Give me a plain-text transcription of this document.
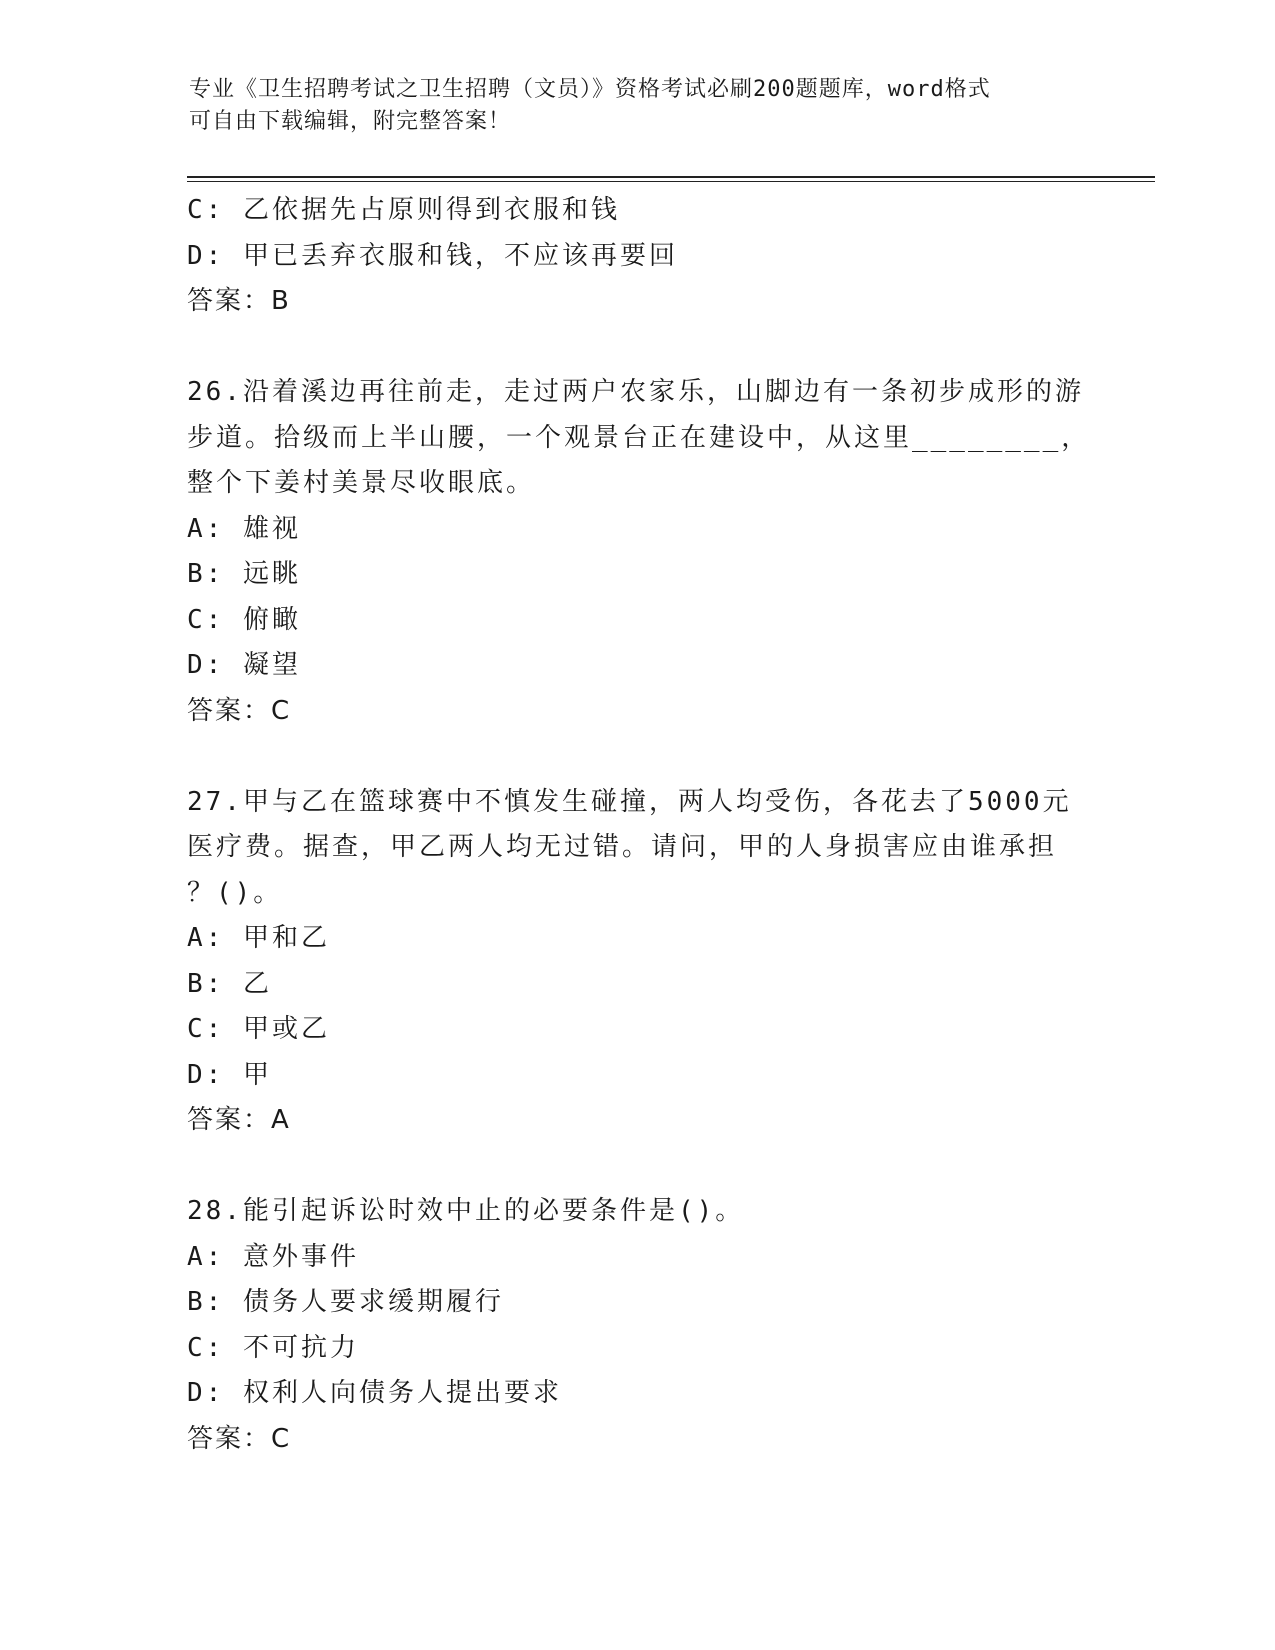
专业《卫生招聘考试之卫生招聘（文员）》资格考试必刷200题题库，word格式
可自由下载编辑，附完整答案！
C: 乙依据先占原则得到衣服和钱
D: 甲已丢弃衣服和钱，不应该再要回
答案：B
26.沿着溪边再往前走，走过两户农家乐，山脚边有一条初步成形的游
步道。拾级而上半山腰，一个观景台正在建设中，从这里________，
整个下姜村美景尽收眼底。
A: 雄视
B: 远眺
C: 俯瞰
D: 凝望
答案：C
27.甲与乙在篮球赛中不慎发生碰撞，两人均受伤，各花去了5000元
医疗费。据查，甲乙两人均无过错。请问，甲的人身损害应由谁承担
？()。
A: 甲和乙
B: 乙
C: 甲或乙
D: 甲
答案：A
28.能引起诉讼时效中止的必要条件是()。
A: 意外事件
B: 债务人要求缓期履行
C: 不可抗力
D: 权利人向债务人提出要求
答案：C
